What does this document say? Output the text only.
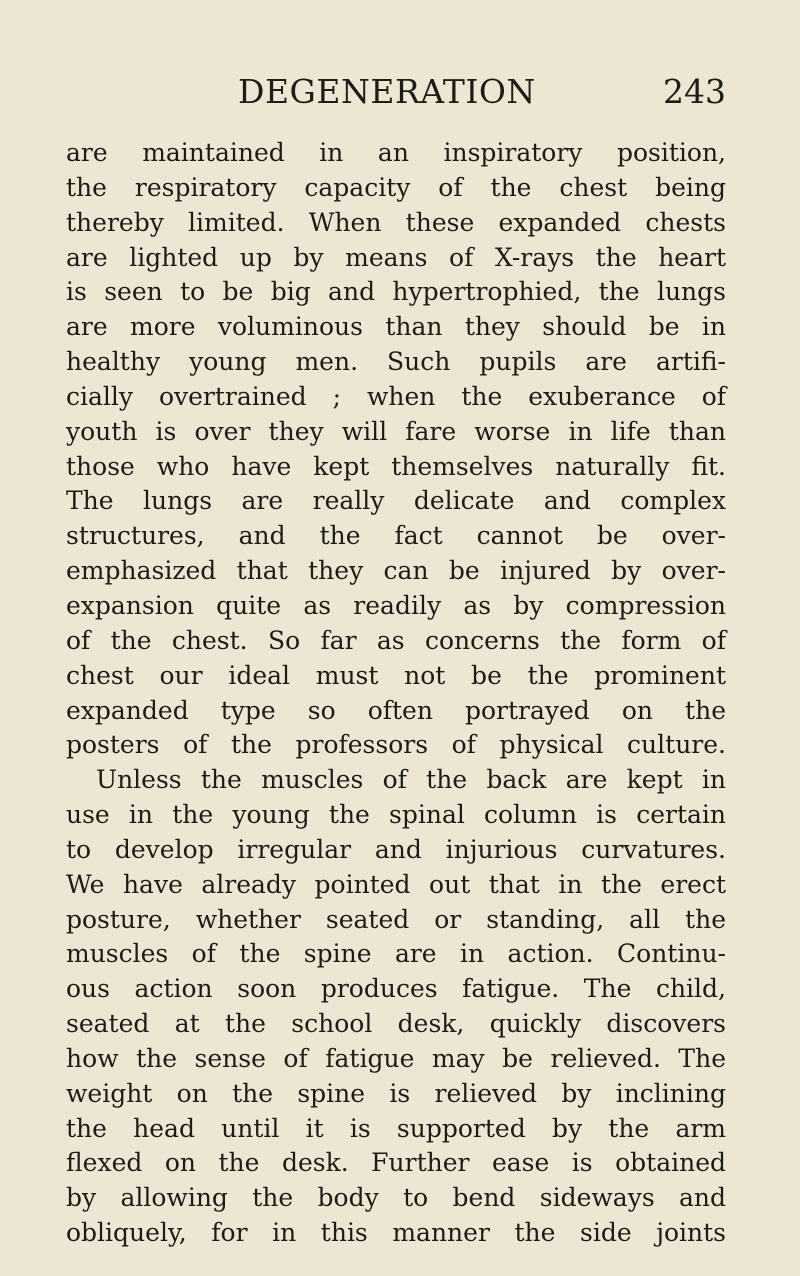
DEGENERATION	243
are maintained in an inspiratory position,
the respiratory capacity of the chest being
thereby limited. When these expanded chests
are lighted up by means of X-rays the heart
is seen to be big and hypertrophied, the lungs
are more voluminous than they should be in
healthy young men. Such pupils are artifi-
cially overtrained ; when the exuberance of
youth is over they will fare worse in life than
those who have kept themselves naturally fit.
The lungs are really delicate and complex
structures, and the fact cannot be over-
emphasized that they can be injured by over-
expansion quite as readily as by compression
of the chest. So far as concerns the form of
chest our ideal must not be the prominent
expanded type so often portrayed on the
posters of the professors of physical culture.
Unless the muscles of the back are kept in
use in the young the spinal column is certain
to develop irregular and injurious curvatures.
We have already pointed out that in the erect
posture, whether seated or standing, all the
muscles of the spine are in action. Continu-
ous action soon produces fatigue. The child,
seated at the school desk, quickly discovers
how the sense of fatigue may be relieved. The
weight on the spine is relieved by inclining
the head until it is supported by the arm
flexed on the desk. Further ease is obtained
by allowing the body to bend sideways and
obliquely, for in this manner the side joints
